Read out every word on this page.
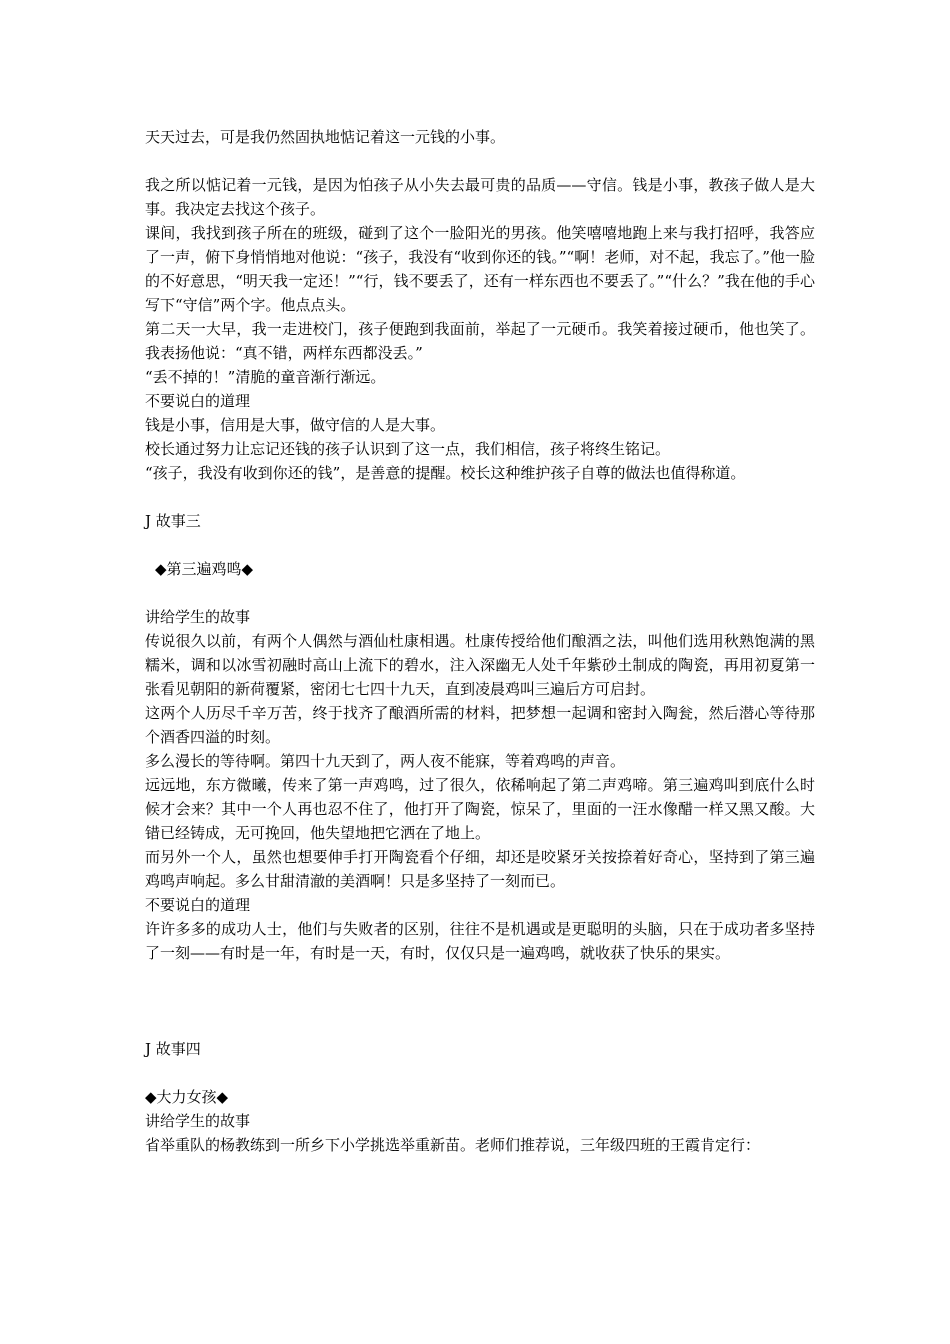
天天过去，可是我仍然固执地惦记着这一元钱的小事。

我之所以惦记着一元钱，是因为怕孩子从小失去最可贵的品质——守信。钱是小事，教孩子做人是大事。我决定去找这个孩子。

课间，我找到孩子所在的班级，碰到了这个一脸阳光的男孩。他笑嘻嘻地跑上来与我打招呼，我答应了一声，俯下身悄悄地对他说：“孩子，我没有“收到你还的钱。”“啊！老师，对不起，我忘了。”他一脸的不好意思，“明天我一定还！”“行，钱不要丢了，还有一样东西也不要丢了。”“什么？”我在他的手心写下“守信”两个字。他点点头。

第二天一大早，我一走进校门，孩子便跑到我面前，举起了一元硬币。我笑着接过硬币，他也笑了。我表扬他说：“真不错，两样东西都没丢。”

“丢不掉的！”清脆的童音渐行渐远。

不要说白的道理

钱是小事，信用是大事，做守信的人是大事。

校长通过努力让忘记还钱的孩子认识到了这一点，我们相信，孩子将终生铭记。

“孩子，我没有收到你还的钱”，是善意的提醒。校长这种维护孩子自尊的做法也值得称道。

J 故事三

◆第三遍鸡鸣◆

讲给学生的故事

传说很久以前，有两个人偶然与酒仙杜康相遇。杜康传授给他们酿酒之法，叫他们选用秋熟饱满的黑糯米，调和以冰雪初融时高山上流下的碧水，注入深幽无人处千年紫砂土制成的陶瓷，再用初夏第一张看见朝阳的新荷覆紧，密闭七七四十九天，直到凌晨鸡叫三遍后方可启封。

这两个人历尽千辛万苦，终于找齐了酿酒所需的材料，把梦想一起调和密封入陶瓮，然后潜心等待那个酒香四溢的时刻。

多么漫长的等待啊。第四十九天到了，两人夜不能寐，等着鸡鸣的声音。

远远地，东方微曦，传来了第一声鸡鸣，过了很久，依稀响起了第二声鸡啼。第三遍鸡叫到底什么时候才会来？其中一个人再也忍不住了，他打开了陶瓷，惊呆了，里面的一汪水像醋一样又黑又酸。大错已经铸成，无可挽回，他失望地把它洒在了地上。

而另外一个人，虽然也想要伸手打开陶瓷看个仔细，却还是咬紧牙关按捺着好奇心，坚持到了第三遍鸡鸣声响起。多么甘甜清澈的美酒啊！只是多坚持了一刻而已。

不要说白的道理

许许多多的成功人士，他们与失败者的区别，往往不是机遇或是更聪明的头脑，只在于成功者多坚持了一刻——有时是一年，有时是一天，有时，仅仅只是一遍鸡鸣，就收获了快乐的果实。

J 故事四

◆大力女孩◆

讲给学生的故事

省举重队的杨教练到一所乡下小学挑选举重新苗。老师们推荐说，三年级四班的王霞肯定行：
